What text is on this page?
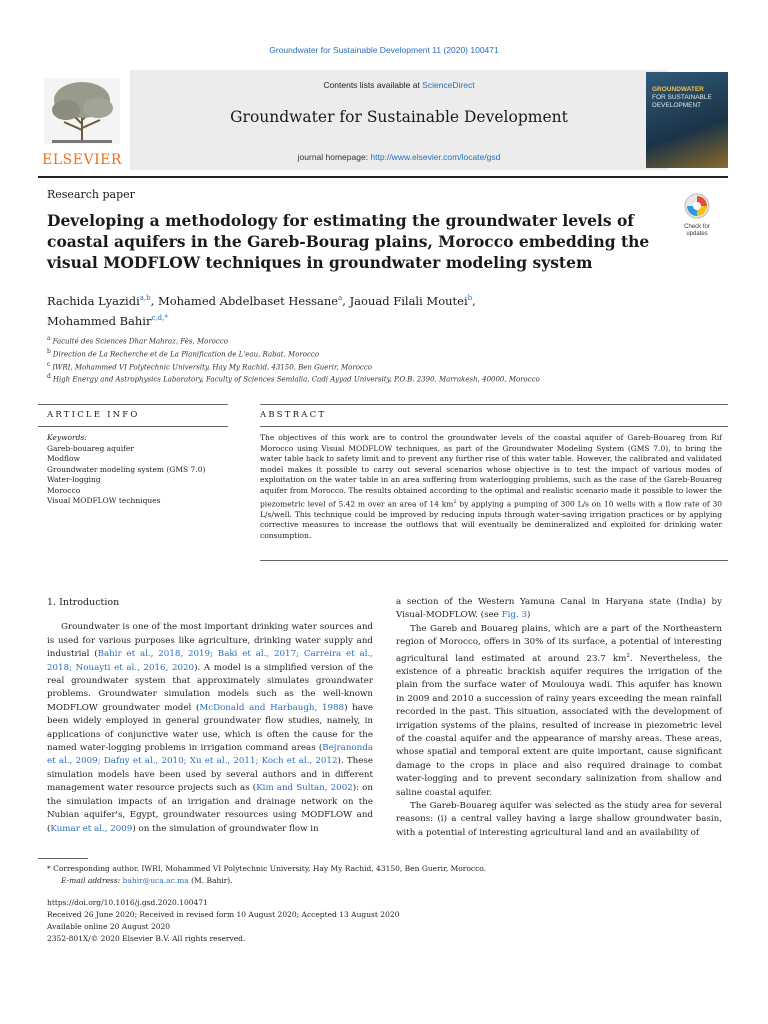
Groundwater for Sustainable Development 11 (2020) 100471
ELSEVIER
Contents lists available at ScienceDirect
Groundwater for Sustainable Development
journal homepage: http://www.elsevier.com/locate/gsd
GROUNDWATER
FOR SUSTAINABLE
DEVELOPMENT
Research paper
Developing a methodology for estimating the groundwater levels of coastal aquifers in the Gareb-Bourag plains, Morocco embedding the visual MODFLOW techniques in groundwater modeling system
Check for
updates
Rachida Lyazidi$^{a,b}$, Mohamed Abdelbaset Hessane$^a$, Jaouad Filali Moutei$^b$,
Mohammed Bahir$^{c,d,*}$
a Faculté des Sciences Dhar Mahraz, Fès, Morocco
b Direction de La Recherche et de La Planification de L'eau, Rabat, Morocco
c IWRI, Mohammed VI Polytechnic University, Hay My Rachid, 43150, Ben Guerir, Morocco
d High Energy and Astrophysics Laboratory, Faculty of Sciences Semlalia, Cadi Ayyad University, P.O.B. 2390, Marrakesh, 40000, Morocco
ARTICLE INFO	ABSTRACT
Keywords:
Gareb-bouareg aquifer
Modflow
Groundwater modeling system (GMS 7.0)
Water-logging
Morocco
Visual MODFLOW techniques
The objectives of this work are to control the groundwater levels of the coastal aquifer of Gareb-Bouareg from Rif Morocco using Visual MODFLOW techniques, as part of the Groundwater Modeling System (GMS 7.0), to bring the water table back to safety limit and to prevent any further rise of this water table. However, the calibrated and validated model makes it possible to carry out several scenarios whose objective is to test the impact of various modes of exploitation on the water table in an area suffering from waterlogging problems, such as the case of the Gareb-Bouareg aquifer from Morocco. The results obtained according to the optimal and realistic scenario made it possible to lower the piezometric level of 5.42 m over an area of 14 $km^2$ by applying a pumping of 300 L/s on 10 wells with a flow rate of 30 L/s/well. This technique could be improved by reducing inputs through water-saving irrigation practices or by applying corrective measures to increase the outflows that will eventually be demineralized and exploited for drinking water consumption.
1. Introduction

Groundwater is one of the most important drinking water sources and is used for various purposes like agriculture, drinking water supply and industrial (Bahir et al., 2018, 2019; Baki et al., 2017; Carreira et al., 2018; Nouayti et al., 2016, 2020). A model is a simplified version of the real groundwater system that approximately simulates groundwater problems. Groundwater simulation models such as the well-known MODFLOW groundwater model (McDonald and Harbaugh, 1988) have been widely employed in general groundwater flow studies, namely, in applications of conjunctive water use, which is often the cause for the named water-logging problems in irrigation command areas (Bejranonda et al., 2009; Dafny et al., 2010; Xu et al., 2011; Koch et al., 2012). These simulation models have been used by several authors and in different management water resource projects such as (Kim and Sultan, 2002): on the simulation impacts of an irrigation and drainage network on the Nubian aquifer's, Egypt, groundwater resources using MODFLOW and (Kumar et al., 2009) on the simulation of groundwater flow in

a section of the Western Yamuna Canal in Haryana state (India) by Visual-MODFLOW. (see Fig. 3)

The Gareb and Bouareg plains, which are a part of the Northeastern region of Morocco, offers in 30% of its surface, a potential of interesting agricultural land estimated at around 23.7 $km^2$. Nevertheless, the existence of a phreatic brackish aquifer requires the irrigation of the plain from the surface water of Moulouya wadi. This aquifer has known in 2009 and 2010 a succession of rainy years exceeding the mean rainfall recorded in the past. This situation, associated with the development of irrigation systems of the plains, resulted of increase in piezometric level of the coastal aquifer and the appearance of marshy areas. These areas, whose spatial and temporal extent are quite important, cause significant damage to the crops in place and also required drainage to combat water-logging and to prevent secondary salinization from shallow and saline coastal aquifer.

The Gareb-Bouareg aquifer was selected as the study area for several reasons: (i) a central valley having a large shallow groundwater basin, with a potential of interesting agricultural land and an availability of

* Corresponding author. IWRI, Mohammed VI Polytechnic University, Hay My Rachid, 43150, Ben Guerir, Morocco.
E-mail address: bahir@uca.ac.ma (M. Bahir).
https://doi.org/10.1016/j.gsd.2020.100471
Received 26 June 2020; Received in revised form 10 August 2020; Accepted 13 August 2020
Available online 20 August 2020
2352-801X/© 2020 Elsevier B.V. All rights reserved.
